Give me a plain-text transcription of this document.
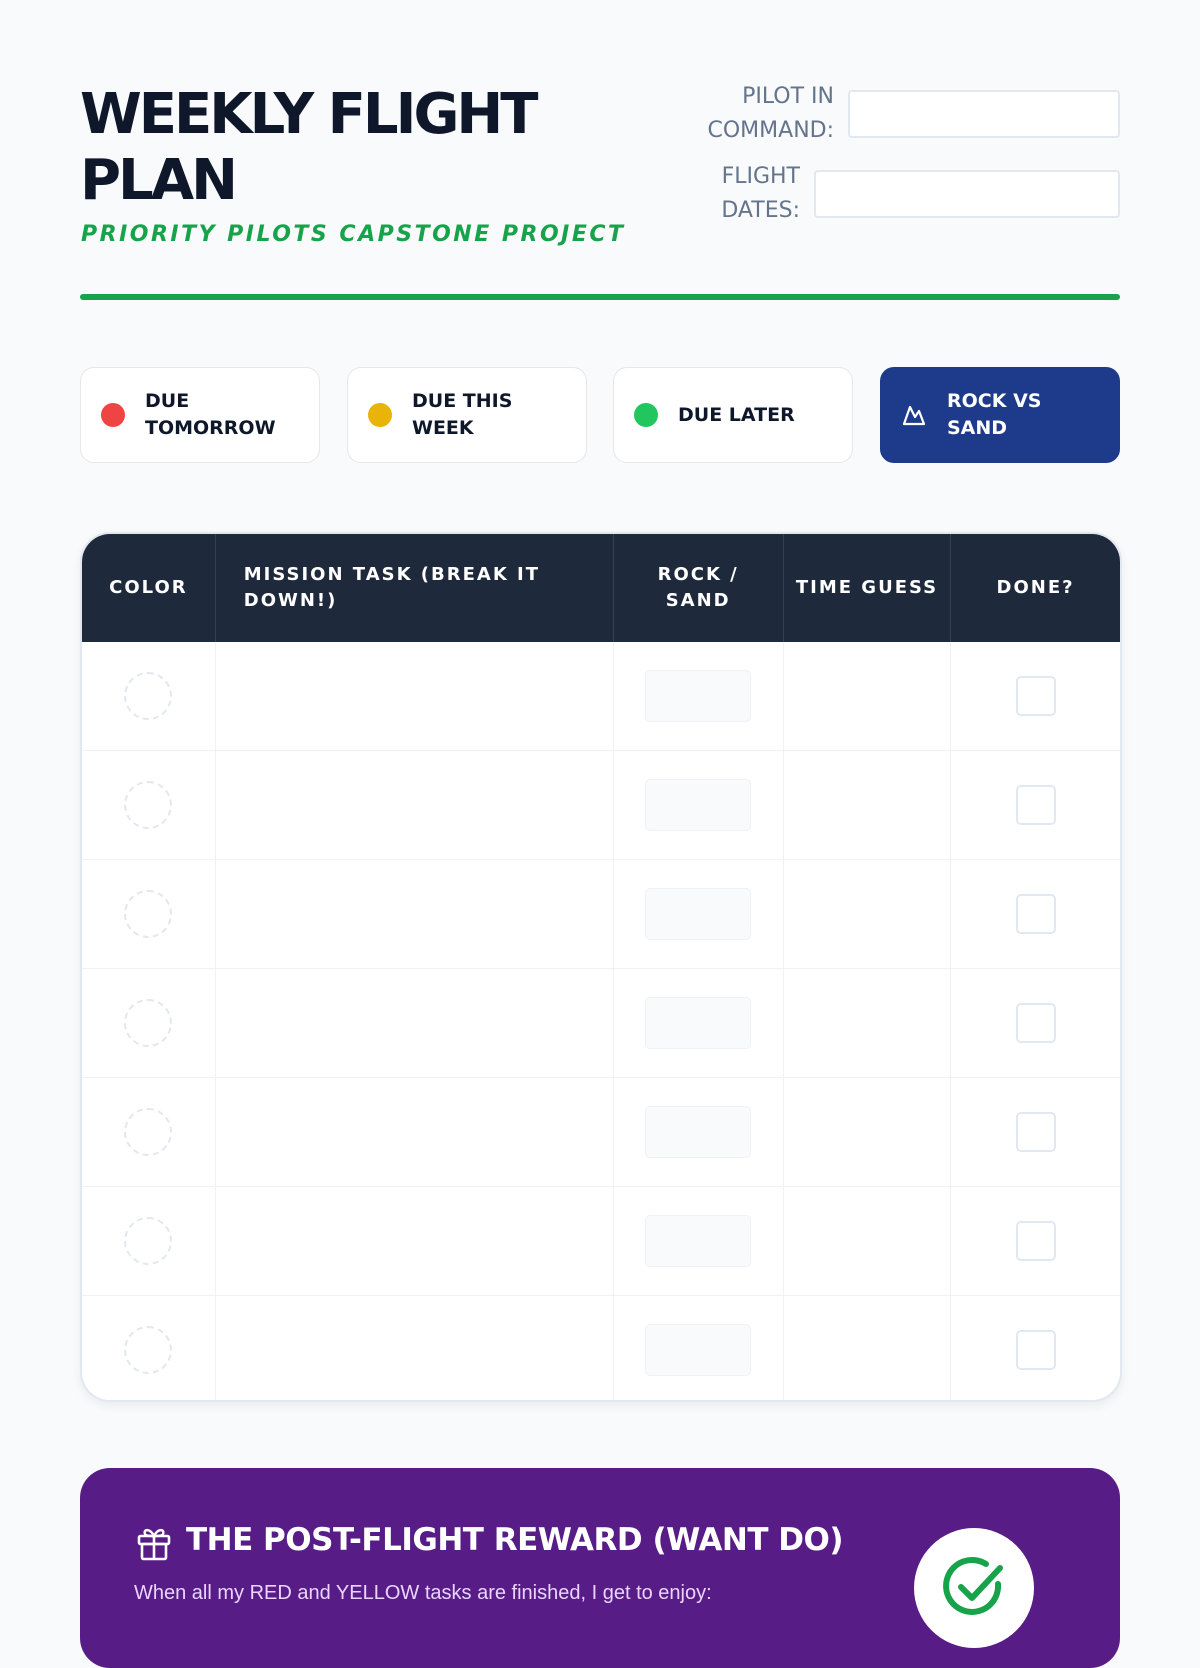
WEEKLY FLIGHT PLAN
PRIORITY PILOTS CAPSTONE PROJECT
PILOT IN COMMAND:
FLIGHT DATES:
DUE TOMORROW
DUE THIS WEEK
DUE LATER
ROCK VS SAND
COLOR	MISSION TASK (BREAK IT DOWN!)	ROCK / SAND	TIME GUESS	DONE?

THE POST-FLIGHT REWARD (WANT DO)
When all my RED and YELLOW tasks are finished, I get to enjoy:
